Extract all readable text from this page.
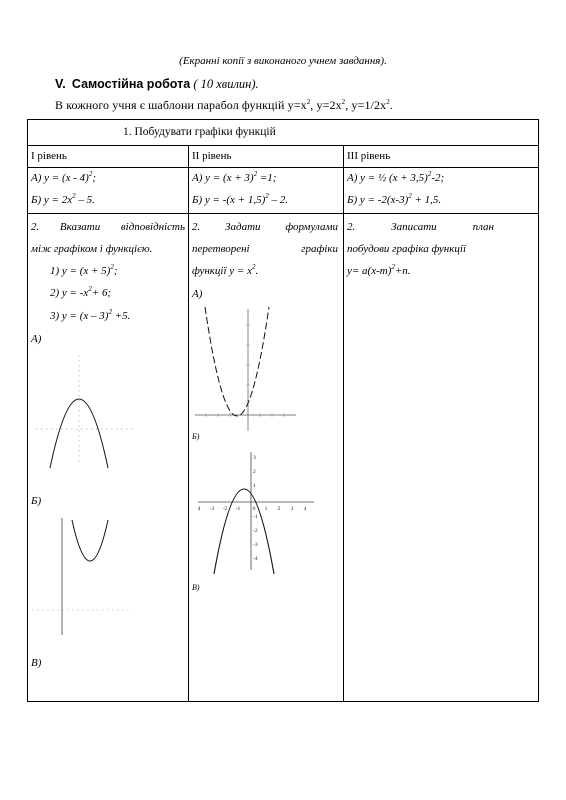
(Екранні копії з виконаного учнем завдання).
V. Самостійна робота ( 10 хвилин).
В кожного учня є шаблони парабол функцій $y=x^2$, $y=2x^2$, $y=1/2x^2$.
1. Побудувати графіки функцій
І рівень	ІІ рівень	ІІІ рівень
А) y = (x - 4)$^2$;
Б) $y = 2x^2 - 5$.
А) $y = (x + 3)^2 =1$;
Б) $y = -(x + 1,5)^2 - 2$.
А) y = ½ $(x + 3,5)^2-2$;
Б) $y = -2(x-3)^2 + 1,5$.
2. Вказати відповідність
між графіком і функцією.
1) $y = (x + 5)^2$;
2) $y = -x^2+ 6$;
3) y = (x – 3)$^2$ +5.
А)
Б)
В)
2. Задати формулами
перетворені графіки
функції $y = x^2$.
А)
Б)
В)
4 -3 -2 -1 0 1 2 3 4
3
2
1
-1
-2
-3
-4
2. Записати план
побудови графіка функції
$y= a(x-m)^2+n$.
